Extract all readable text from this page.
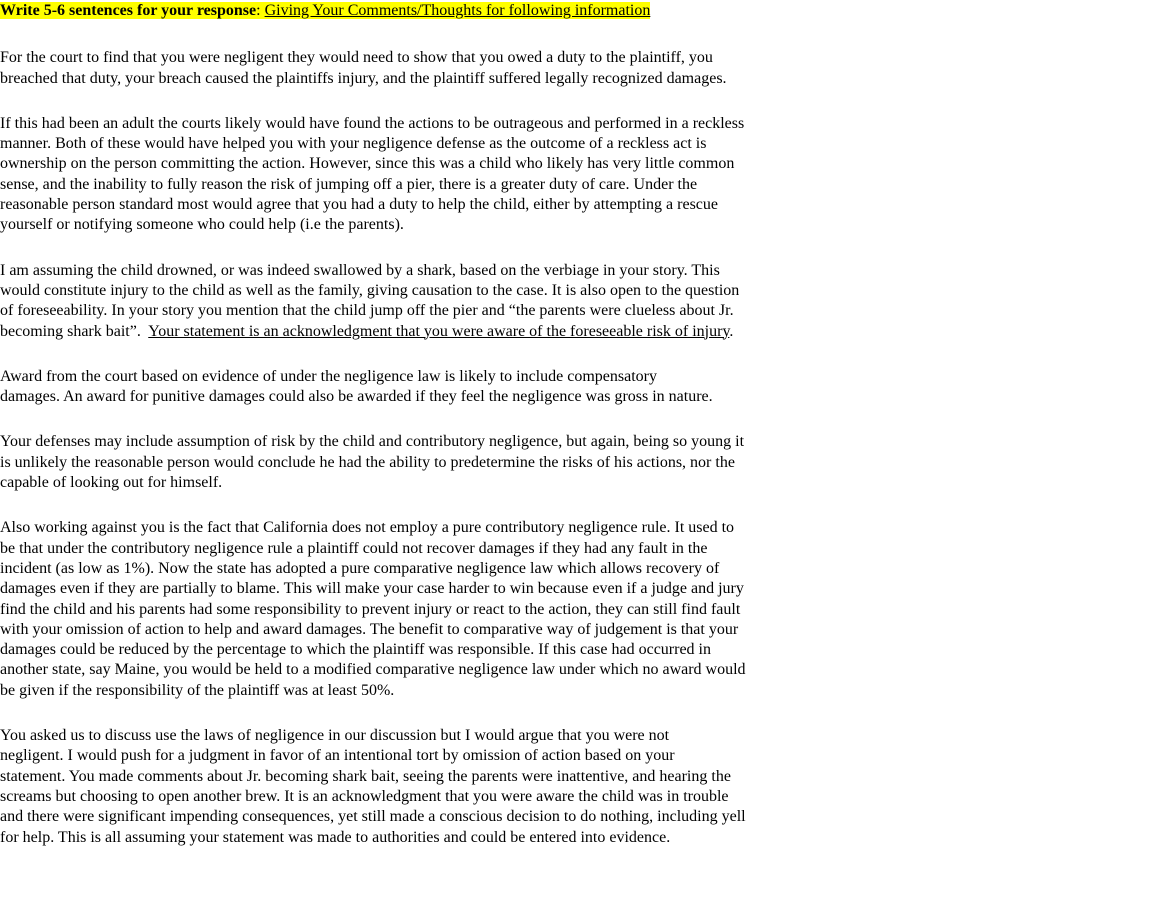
Write 5-6 sentences for your response: Giving Your Comments/Thoughts for following information

For the court to find that you were negligent they would need to show that you owed a duty to the plaintiff, you
breached that duty, your breach caused the plaintiffs injury, and the plaintiff suffered legally recognized damages.

If this had been an adult the courts likely would have found the actions to be outrageous and performed in a reckless
manner. Both of these would have helped you with your negligence defense as the outcome of a reckless act is
ownership on the person committing the action. However, since this was a child who likely has very little common
sense, and the inability to fully reason the risk of jumping off a pier, there is a greater duty of care. Under the
reasonable person standard most would agree that you had a duty to help the child, either by attempting a rescue
yourself or notifying someone who could help (i.e the parents).

I am assuming the child drowned, or was indeed swallowed by a shark, based on the verbiage in your story. This
would constitute injury to the child as well as the family, giving causation to the case. It is also open to the question
of foreseeability. In your story you mention that the child jump off the pier and “the parents were clueless about Jr.
becoming shark bait”.  Your statement is an acknowledgment that you were aware of the foreseeable risk of injury.

Award from the court based on evidence of under the negligence law is likely to include compensatory
damages. An award for punitive damages could also be awarded if they feel the negligence was gross in nature.

Your defenses may include assumption of risk by the child and contributory negligence, but again, being so young it
is unlikely the reasonable person would conclude he had the ability to predetermine the risks of his actions, nor the
capable of looking out for himself.

Also working against you is the fact that California does not employ a pure contributory negligence rule. It used to
be that under the contributory negligence rule a plaintiff could not recover damages if they had any fault in the
incident (as low as 1%). Now the state has adopted a pure comparative negligence law which allows recovery of
damages even if they are partially to blame. This will make your case harder to win because even if a judge and jury
find the child and his parents had some responsibility to prevent injury or react to the action, they can still find fault
with your omission of action to help and award damages. The benefit to comparative way of judgement is that your
damages could be reduced by the percentage to which the plaintiff was responsible. If this case had occurred in
another state, say Maine, you would be held to a modified comparative negligence law under which no award would
be given if the responsibility of the plaintiff was at least 50%.

You asked us to discuss use the laws of negligence in our discussion but I would argue that you were not
negligent. I would push for a judgment in favor of an intentional tort by omission of action based on your
statement. You made comments about Jr. becoming shark bait, seeing the parents were inattentive, and hearing the
screams but choosing to open another brew. It is an acknowledgment that you were aware the child was in trouble
and there were significant impending consequences, yet still made a conscious decision to do nothing, including yell
for help. This is all assuming your statement was made to authorities and could be entered into evidence.
